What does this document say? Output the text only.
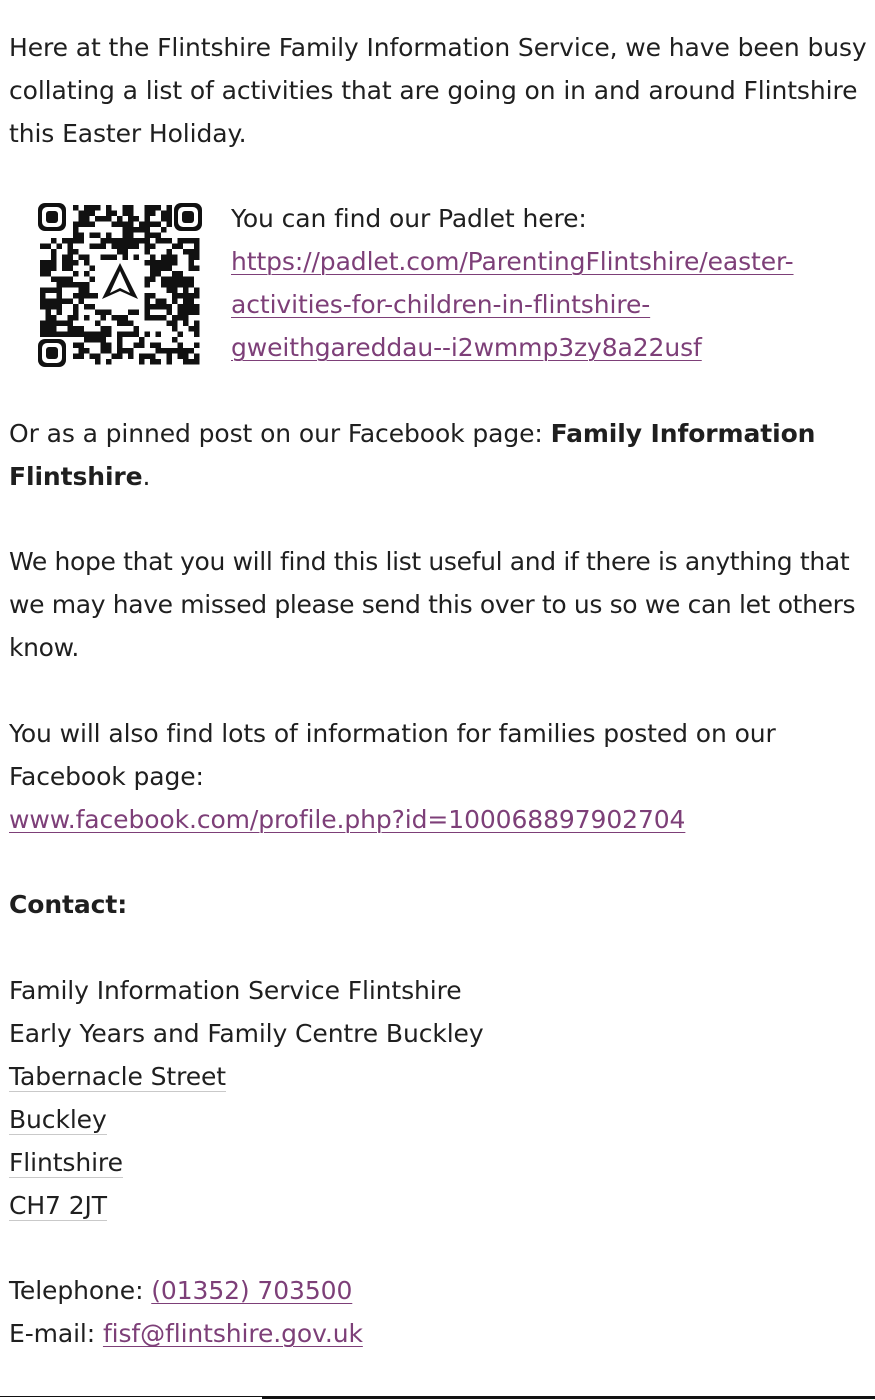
Here at the Flintshire Family Information Service, we have been busy collating a list of activities that are going on in and around Flintshire this Easter Holiday.

You can find our Padlet here:
https://padlet.com/ParentingFlintshire/easter-
activities-for-children-in-flintshire-
gweithgareddau--i2wmmp3zy8a22usf

Or as a pinned post on our Facebook page: Family Information Flintshire.

We hope that you will find this list useful and if there is anything that we may have missed please send this over to us so we can let others know.

You will also find lots of information for families posted on our Facebook page:
www.facebook.com/profile.php?id=100068897902704

Contact:

Family Information Service Flintshire
Early Years and Family Centre Buckley
Tabernacle Street
Buckley
Flintshire
CH7 2JT

Telephone: (01352) 703500

E-mail: fisf@flintshire.gov.uk
